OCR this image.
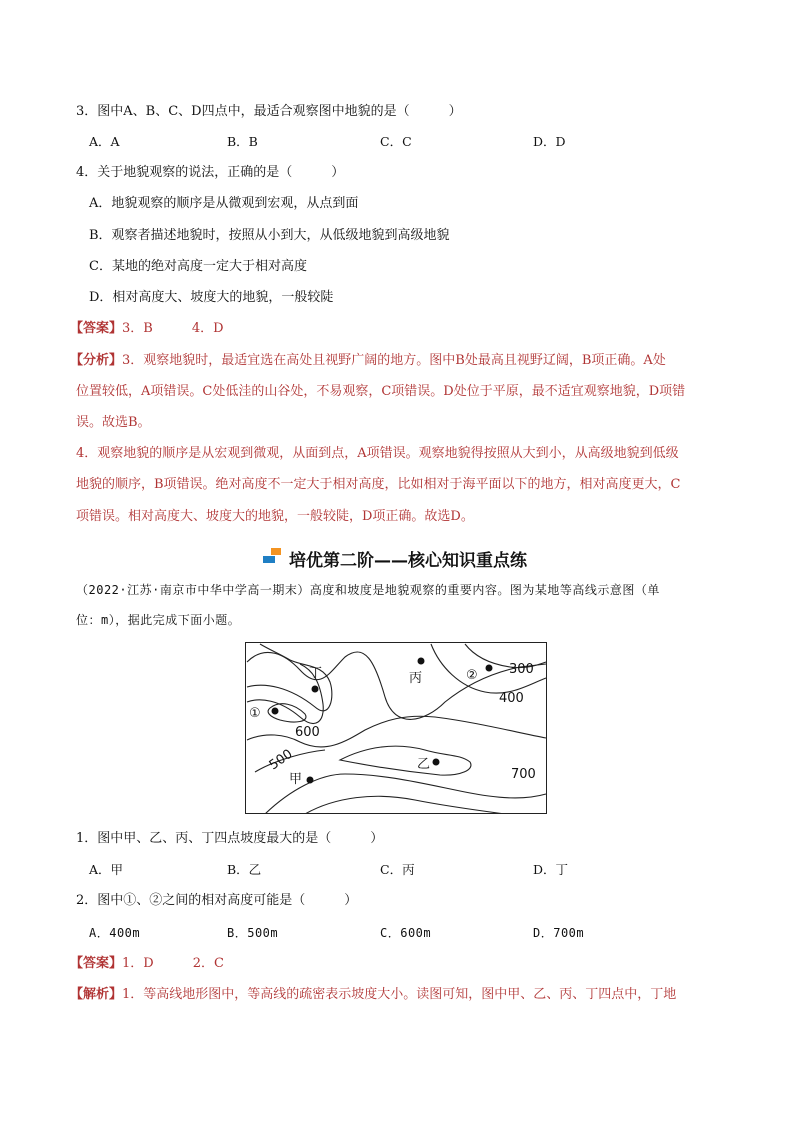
3．图中A、B、C、D四点中，最适合观察图中地貌的是（　　　）
A．A	B．B	C．C	D．D
4．关于地貌观察的说法，正确的是（　　　）
A．地貌观察的顺序是从微观到宏观，从点到面
B．观察者描述地貌时，按照从小到大，从低级地貌到高级地貌
C．某地的绝对高度一定大于相对高度
D．相对高度大、坡度大的地貌，一般较陡
【答案】3．B　　　4．D
【分析】3．观察地貌时，最适宜选在高处且视野广阔的地方。图中B处最高且视野辽阔，B项正确。A处
位置较低，A项错误。C处低洼的山谷处，不易观察，C项错误。D处位于平原，最不适宜观察地貌，D项错
误。故选B。
4．观察地貌的顺序是从宏观到微观，从面到点，A项错误。观察地貌得按照从大到小，从高级地貌到低级
地貌的顺序，B项错误。绝对高度不一定大于相对高度，比如相对于海平面以下的地方，相对高度更大，C
项错误。相对高度大、坡度大的地貌，一般较陡，D项正确。故选D。
培优第二阶——核心知识重点练
（2022·江苏·南京市中华中学高一期末）高度和坡度是地貌观察的重要内容。图为某地等高线示意图（单
位：m），据此完成下面小题。
300
400
500
600
700
丁	丙
乙
甲
①
②
1．图中甲、乙、丙、丁四点坡度最大的是（　　　）
A．甲	B．乙	C．丙	D．丁
2．图中①、②之间的相对高度可能是（　　　）
A．400m	B．500m	C．600m	D．700m
【答案】1．D　　　2．C
【解析】1．等高线地形图中，等高线的疏密表示坡度大小。读图可知，图中甲、乙、丙、丁四点中，丁地
